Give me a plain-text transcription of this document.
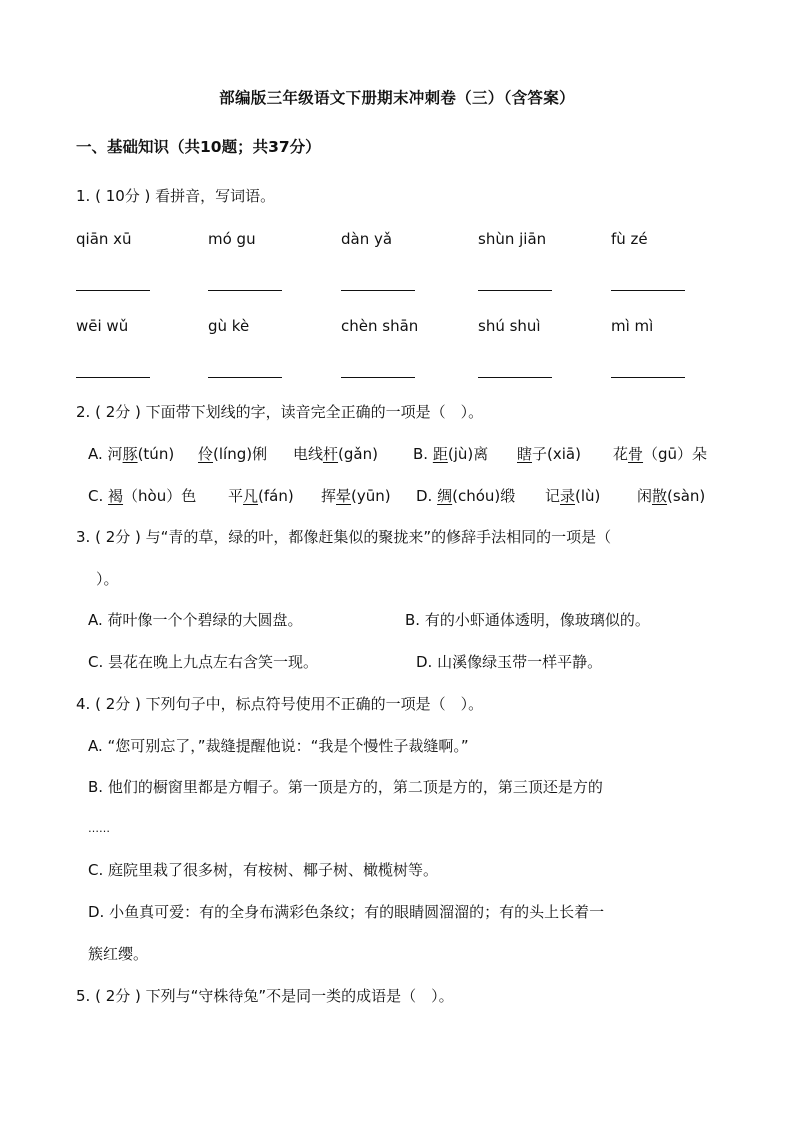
部编版三年级语文下册期末冲刺卷（三）（含答案）
一、基础知识（共10题；共37分）
1. ( 10分 ) 看拼音，写词语。
qiān xū	mó gu	dàn yǎ	shùn jiān	fù zé
wēi wǔ	gù kè	chèn shān	shú shuì	mì mì
2. ( 2分 ) 下面带下划线的字，读音完全正确的一项是（　）。
A. 河豚(tún) 伶(líng)俐 电线杆(gǎn) B. 距(jù)离 瞎子(xiā) 花骨（gū）朵
C. 褐（hòu）色 平凡(fán) 挥晕(yūn) D. 绸(chóu)缎 记录(lù) 闲散(sàn)
3. ( 2分 ) 与“青的草，绿的叶，都像赶集似的聚拢来”的修辞手法相同的一项是（
）。
A. 荷叶像一个个碧绿的大圆盘。	B. 有的小虾通体透明，像玻璃似的。
C. 昙花在晚上九点左右含笑一现。	D. 山溪像绿玉带一样平静。
4. ( 2分 ) 下列句子中，标点符号使用不正确的一项是（　）。
A. “您可别忘了，”裁缝提醒他说：“我是个慢性子裁缝啊。”
B. 他们的橱窗里都是方帽子。第一顶是方的，第二顶是方的，第三顶还是方的
……
C. 庭院里栽了很多树，有桉树、椰子树、橄榄树等。
D. 小鱼真可爱：有的全身布满彩色条纹；有的眼睛圆溜溜的；有的头上长着一
簇红缨。
5. ( 2分 ) 下列与“守株待兔”不是同一类的成语是（　）。
